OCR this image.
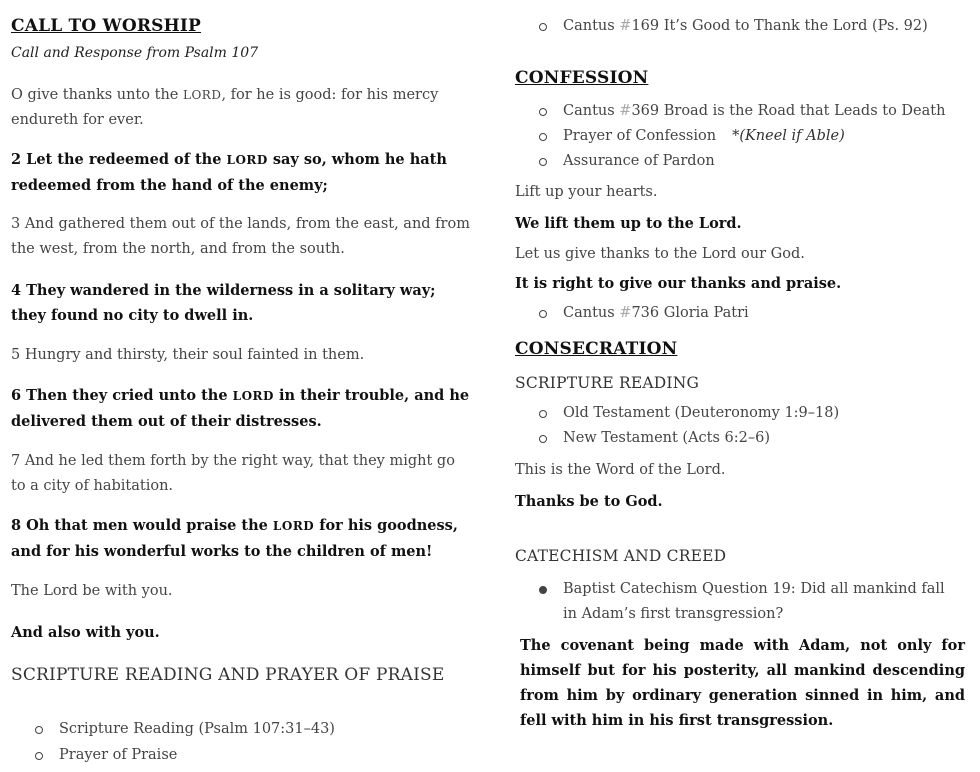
CALL TO WORSHIP
Call and Response from Psalm 107
O give thanks unto the LORD, for he is good: for his mercy endureth for ever.
2 Let the redeemed of the LORD say so, whom he hath redeemed from the hand of the enemy;
3 And gathered them out of the lands, from the east, and from the west, from the north, and from the south.
4 They wandered in the wilderness in a solitary way; they found no city to dwell in.
5 Hungry and thirsty, their soul fainted in them.
6 Then they cried unto the LORD in their trouble, and he delivered them out of their distresses.
7 And he led them forth by the right way, that they might go to a city of habitation.
8 Oh that men would praise the LORD for his goodness, and for his wonderful works to the children of men!
The Lord be with you.
And also with you.
SCRIPTURE READING AND PRAYER OF PRAISE
Scripture Reading (Psalm 107:31–43)
Prayer of Praise
Cantus #169 It’s Good to Thank the Lord (Ps. 92)
CONFESSION
Cantus #369 Broad is the Road that Leads to Death
Prayer of Confession *(Kneel if Able)
Assurance of Pardon
Lift up your hearts.
We lift them up to the Lord.
Let us give thanks to the Lord our God.
It is right to give our thanks and praise.
Cantus #736 Gloria Patri
CONSECRATION
SCRIPTURE READING
Old Testament (Deuteronomy 1:9–18)
New Testament (Acts 6:2–6)
This is the Word of the Lord.
Thanks be to God.
CATECHISM AND CREED
Baptist Catechism Question 19: Did all mankind fall in Adam’s first transgression?
The covenant being made with Adam, not only for himself but for his posterity, all mankind descending from him by ordinary generation sinned in him, and fell with him in his first transgression.
